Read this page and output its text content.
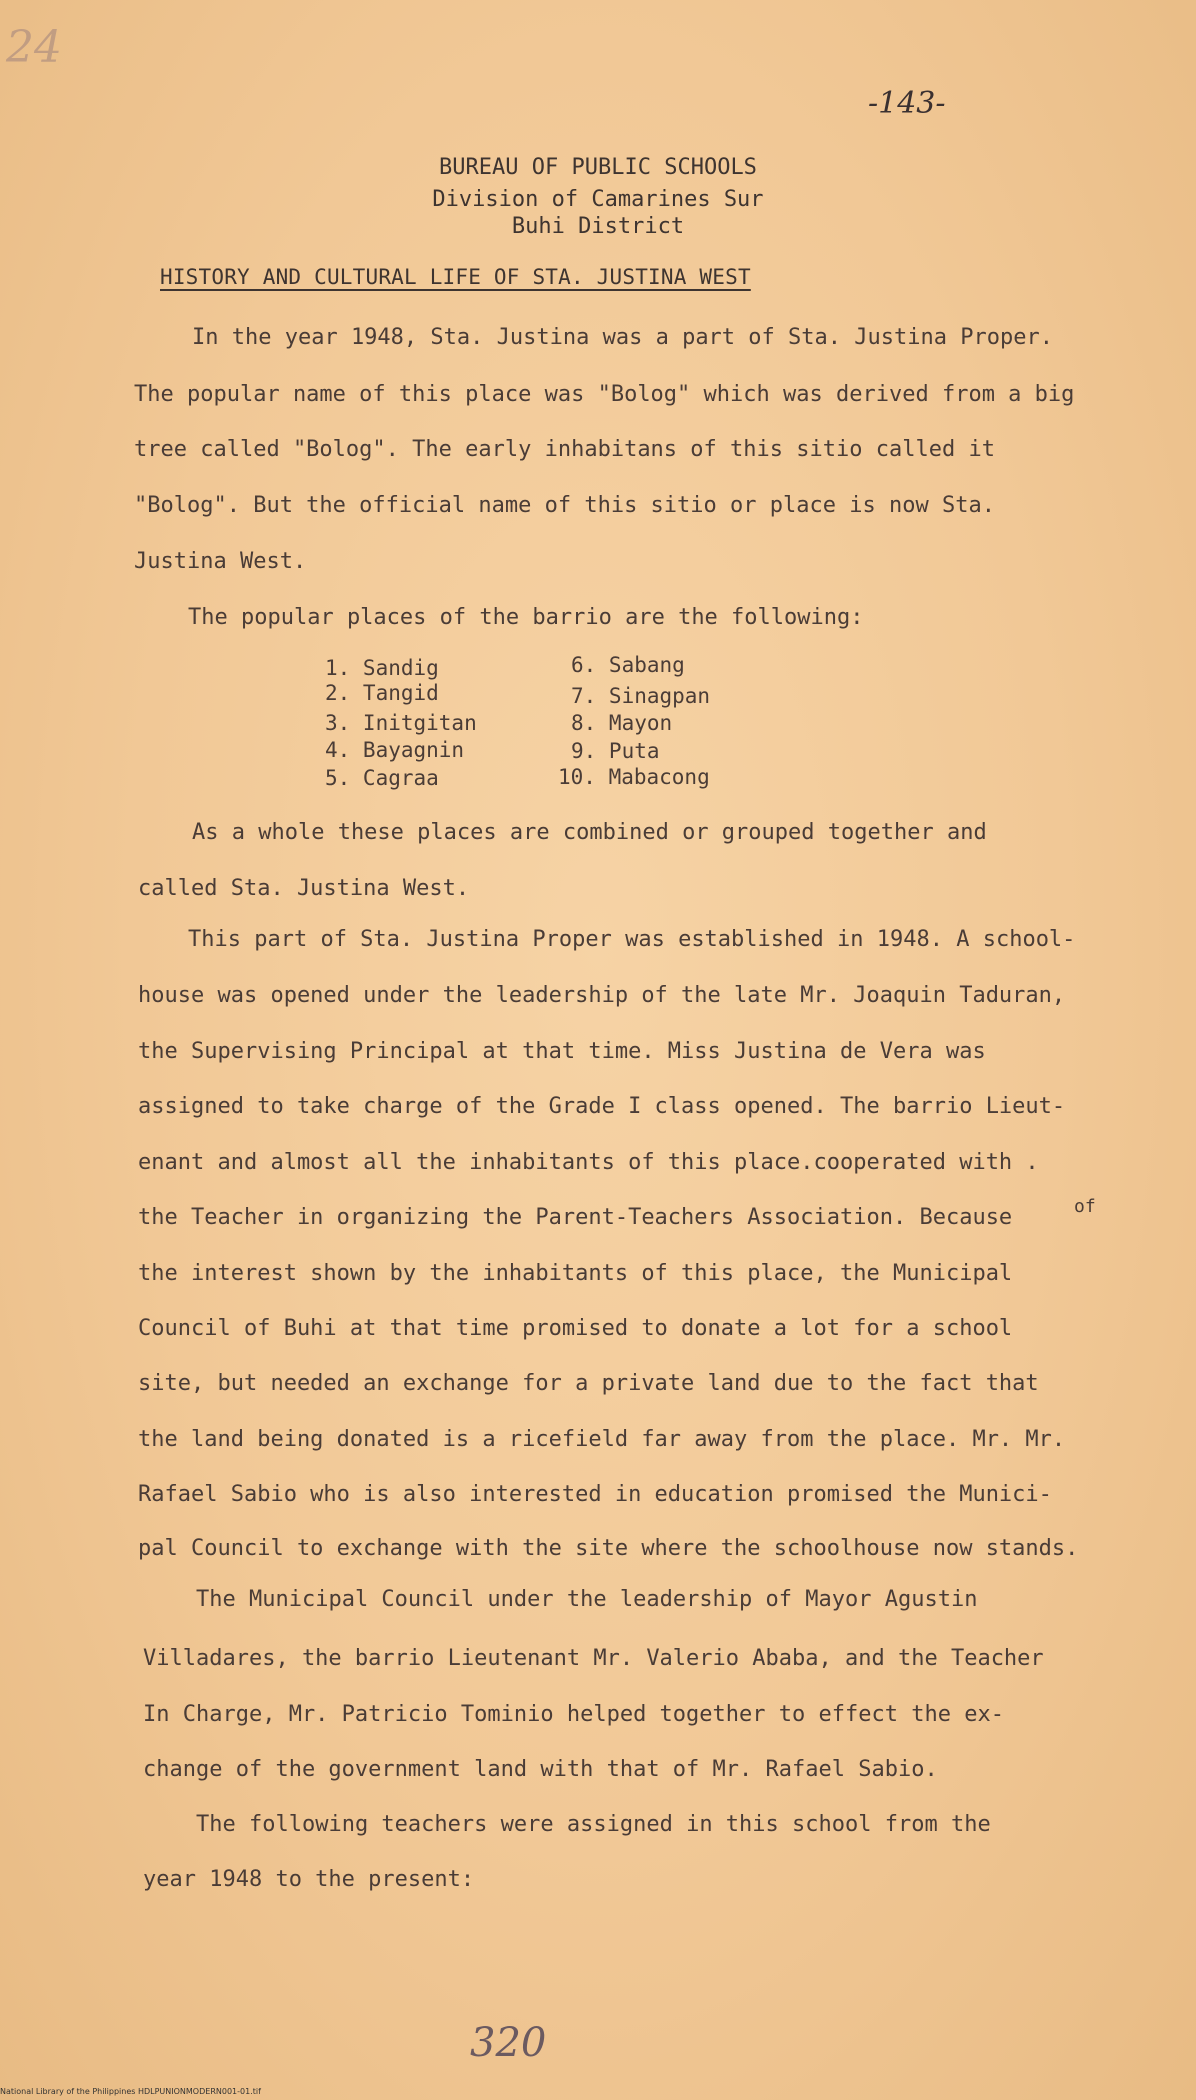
24
-143-
BUREAU OF PUBLIC SCHOOLS
Division of Camarines Sur
Buhi District
HISTORY AND CULTURAL LIFE OF STA. JUSTINA WEST
In the year 1948, Sta. Justina was a part of Sta. Justina Proper.
The popular name of this place was "Bolog" which was derived from a big
tree called "Bolog". The early inhabitans of this sitio called it
"Bolog". But the official name of this sitio or place is now Sta.
Justina West.
The popular places of the barrio are the following:
1. Sandig
2. Tangid
3. Initgitan
4. Bayagnin
5. Cagraa
6. Sabang
7. Sinagpan
8. Mayon
9. Puta
10. Mabacong
As a whole these places are combined or grouped together and
called Sta. Justina West.
This part of Sta. Justina Proper was established in 1948. A school-
house was opened under the leadership of the late Mr. Joaquin Taduran,
the Supervising Principal at that time. Miss Justina de Vera was
assigned to take charge of the Grade I class opened. The barrio Lieut-
enant and almost all the inhabitants of this place.cooperated with .
the Teacher in organizing the Parent-Teachers Association. Because	of
the interest shown by the inhabitants of this place, the Municipal
Council of Buhi at that time promised to donate a lot for a school
site, but needed an exchange for a private land due to the fact that
the land being donated is a ricefield far away from the place. Mr. Mr.
Rafael Sabio who is also interested in education promised the Munici-
pal Council to exchange with the site where the schoolhouse now stands.
The Municipal Council under the leadership of Mayor Agustin
Villadares, the barrio Lieutenant Mr. Valerio Ababa, and the Teacher
In Charge, Mr. Patricio Tominio helped together to effect the ex-
change of the government land with that of Mr. Rafael Sabio.
The following teachers were assigned in this school from the
year 1948 to the present:
320
National Library of the Philippines HDLPUNIONMODERN001-01.tif
